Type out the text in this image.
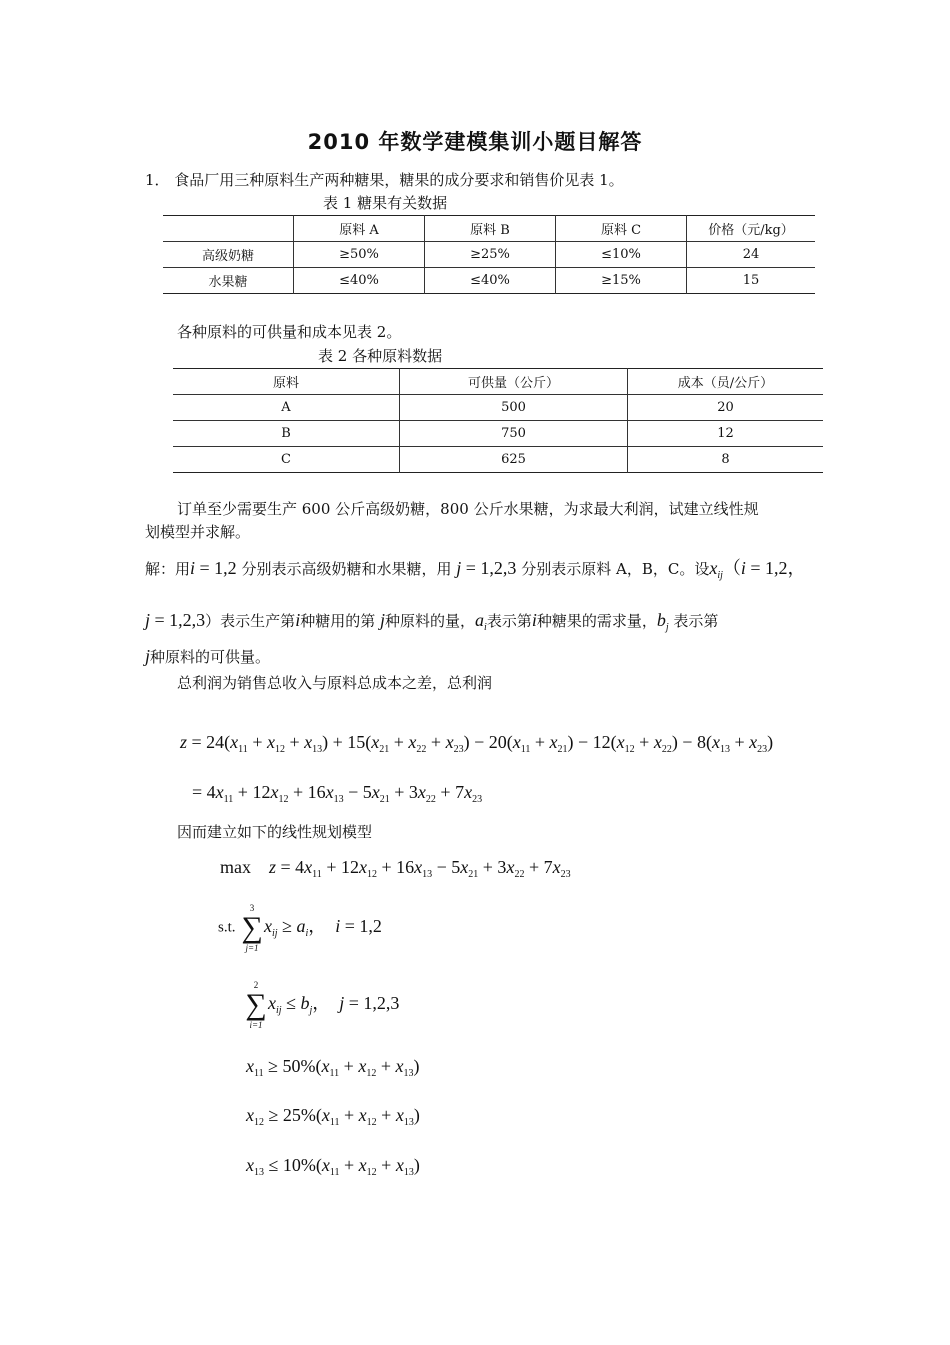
2010 年数学建模集训小题目解答
1． 食品厂用三种原料生产两种糖果，糖果的成分要求和销售价见表 1。
表 1 糖果有关数据
	原料 A	原料 B	原料 C	价格（元/kg）
高级奶糖	≥50%	≥25%	≤10%	24
水果糖	≤40%	≤40%	≥15%	15
各种原料的可供量和成本见表 2。
表 2 各种原料数据
原料	可供量（公斤）	成本（员/公斤）
A	500	20
B	750	12
C	625	8
订单至少需要生产 600 公斤高级奶糖，800 公斤水果糖，为求最大利润，试建立线性规
划模型并求解。
解：用i = 1,2 分别表示高级奶糖和水果糖，用 j = 1,2,3 分别表示原料 A，B，C。设$x_{ij}(i = 1,2$，
j = 1,2,3）表示生产第i种糖用的第 j种原料的量，$a_i$表示第i种糖果的需求量，$b_j$ 表示第
j种原料的可供量。
总利润为销售总收入与原料总成本之差，总利润
$z = 24(x_{11} + x_{12} + x_{13}) + 15(x_{21} + x_{22} + x_{23}) - 20(x_{11} + x_{21}) - 12(x_{12} + x_{22}) - 8(x_{13} + x_{23})$
= $4x_{11} + 12x_{12} + 16x_{13} - 5x_{21} + 3x_{22} + 7x_{23}$
因而建立如下的线性规划模型
$\max z = 4x_{11} + 12x_{12} + 16x_{13} - 5x_{21} + 3x_{22} + 7x_{23}$
s.t.
3
∑
j=1
$x_{ij} \ge a_i$，  i = 1,2
2
∑
i=1
$x_{ij} \le b_j$，  j = 1,2,3
$x_{11} \ge 50\%(x_{11} + x_{12} + x_{13})$
$x_{12} \ge 25\%(x_{11} + x_{12} + x_{13})$
$x_{13} \le 10\%(x_{11} + x_{12} + x_{13})$
